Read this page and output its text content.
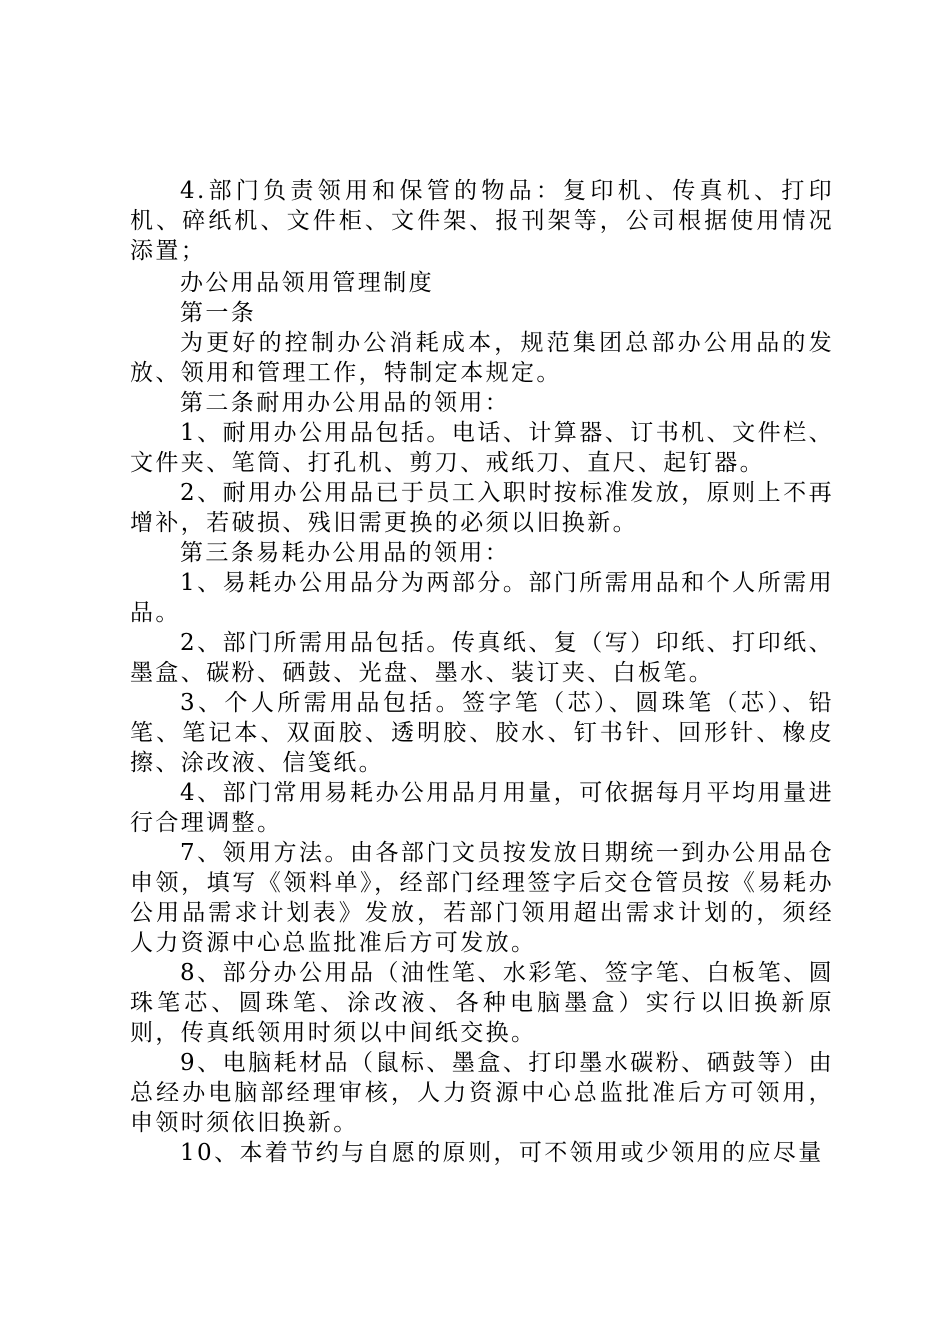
4.部门负责领用和保管的物品：复印机、传真机、打印机、碎纸机、文件柜、文件架、报刊架等，公司根据使用情况添置；

办公用品领用管理制度

第一条

为更好的控制办公消耗成本，规范集团总部办公用品的发放、领用和管理工作，特制定本规定。

第二条耐用办公用品的领用：

1、耐用办公用品包括。电话、计算器、订书机、文件栏、文件夹、笔筒、打孔机、剪刀、戒纸刀、直尺、起钉器。

2、耐用办公用品已于员工入职时按标准发放，原则上不再增补，若破损、残旧需更换的必须以旧换新。

第三条易耗办公用品的领用：

1、易耗办公用品分为两部分。部门所需用品和个人所需用品。

2、部门所需用品包括。传真纸、复（写）印纸、打印纸、墨盒、碳粉、硒鼓、光盘、墨水、装订夹、白板笔。

3、个人所需用品包括。签字笔（芯）、圆珠笔（芯）、铅笔、笔记本、双面胶、透明胶、胶水、钉书针、回形针、橡皮擦、涂改液、信笺纸。

4、部门常用易耗办公用品月用量，可依据每月平均用量进行合理调整。

7、领用方法。由各部门文员按发放日期统一到办公用品仓申领，填写《领料单》，经部门经理签字后交仓管员按《易耗办公用品需求计划表》发放，若部门领用超出需求计划的，须经人力资源中心总监批准后方可发放。

8、部分办公用品（油性笔、水彩笔、签字笔、白板笔、圆珠笔芯、圆珠笔、涂改液、各种电脑墨盒）实行以旧换新原则，传真纸领用时须以中间纸交换。

9、电脑耗材品（鼠标、墨盒、打印墨水碳粉、硒鼓等）由总经办电脑部经理审核，人力资源中心总监批准后方可领用，申领时须依旧换新。

10、本着节约与自愿的原则，可不领用或少领用的应尽量
